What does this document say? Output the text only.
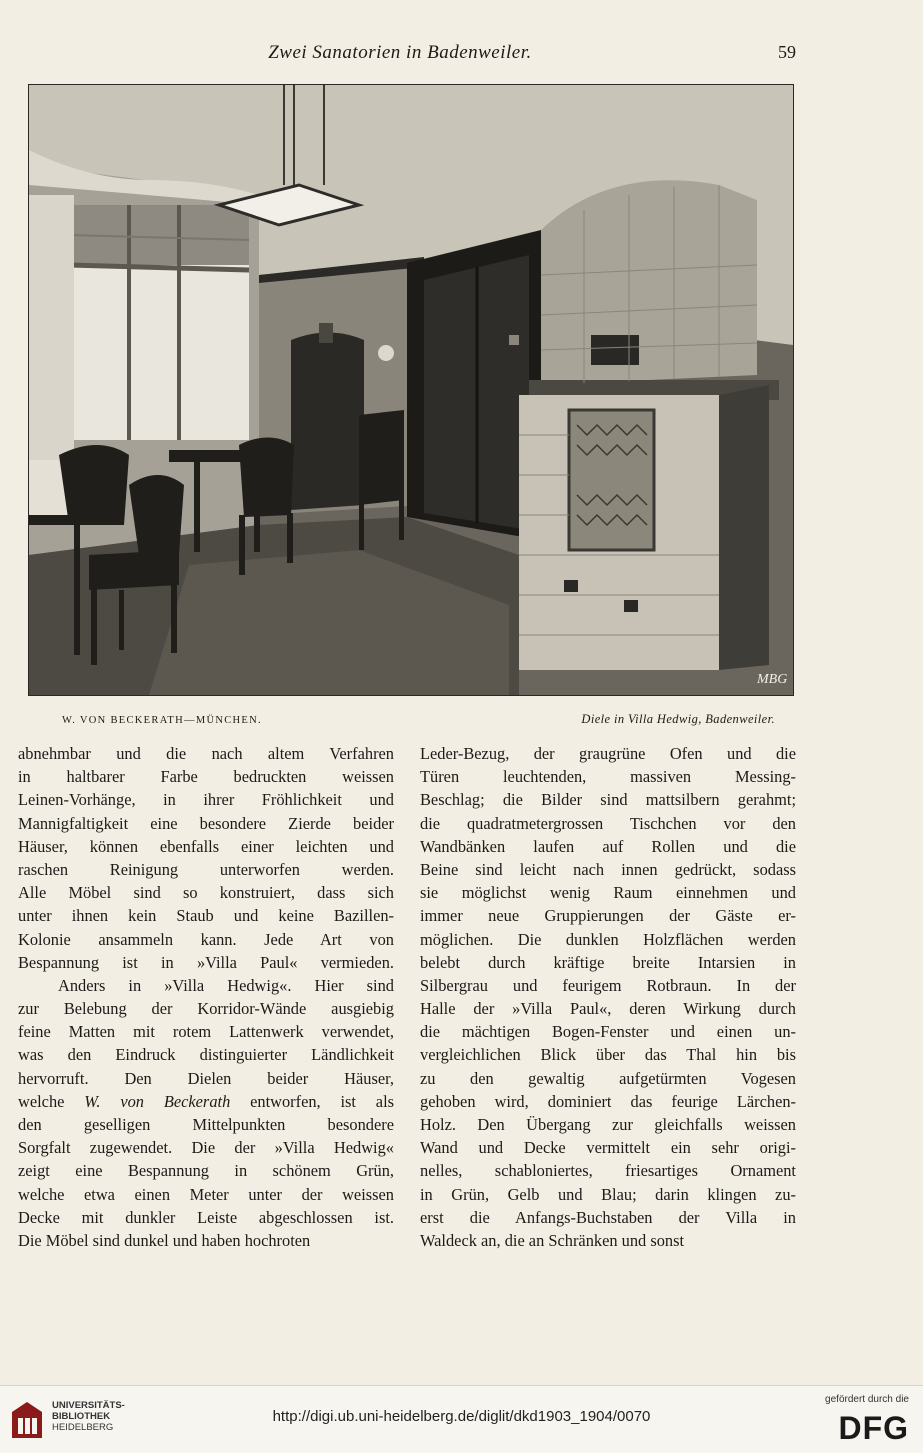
Zwei Sanatorien in Badenweiler.	59
MBG
W. VON BECKERATH—MÜNCHEN.	Diele in Villa Hedwig, Badenweiler.
abnehmbar und die nach altem Verfahren
in haltbarer Farbe bedruckten weissen
Leinen-Vorhänge, in ihrer Fröhlichkeit und
Mannigfaltigkeit eine besondere Zierde beider
Häuser, können ebenfalls einer leichten und
raschen Reinigung unterworfen werden.
Alle Möbel sind so konstruiert, dass sich
unter ihnen kein Staub und keine Bazillen-
Kolonie ansammeln kann. Jede Art von
Bespannung ist in »Villa Paul« vermieden.
Anders in »Villa Hedwig«. Hier sind
zur Belebung der Korridor-Wände ausgiebig
feine Matten mit rotem Lattenwerk verwendet,
was den Eindruck distinguierter Ländlichkeit
hervorruft. Den Dielen beider Häuser,
welche W. von Beckerath entworfen, ist als
den geselligen Mittelpunkten besondere
Sorgfalt zugewendet. Die der »Villa Hedwig«
zeigt eine Bespannung in schönem Grün,
welche etwa einen Meter unter der weissen
Decke mit dunkler Leiste abgeschlossen ist.
Die Möbel sind dunkel und haben hochroten
Leder-Bezug, der graugrüne Ofen und die
Türen leuchtenden, massiven Messing-
Beschlag; die Bilder sind mattsilbern gerahmt;
die quadratmetergrossen Tischchen vor den
Wandbänken laufen auf Rollen und die
Beine sind leicht nach innen gedrückt, sodass
sie möglichst wenig Raum einnehmen und
immer neue Gruppierungen der Gäste er-
möglichen. Die dunklen Holzflächen werden
belebt durch kräftige breite Intarsien in
Silbergrau und feurigem Rotbraun. In der
Halle der »Villa Paul«, deren Wirkung durch
die mächtigen Bogen-Fenster und einen un-
vergleichlichen Blick über das Thal hin bis
zu den gewaltig aufgetürmten Vogesen
gehoben wird, dominiert das feurige Lärchen-
Holz. Den Übergang zur gleichfalls weissen
Wand und Decke vermittelt ein sehr origi-
nelles, schabloniertes, friesartiges Ornament
in Grün, Gelb und Blau; darin klingen zu-
erst die Anfangs-Buchstaben der Villa in
Waldeck an, die an Schränken und sonst
UNIVERSITÄTS-
BIBLIOTHEK
HEIDELBERG
http://digi.ub.uni-heidelberg.de/diglit/dkd1903_1904/0070
gefördert durch die
DFG
